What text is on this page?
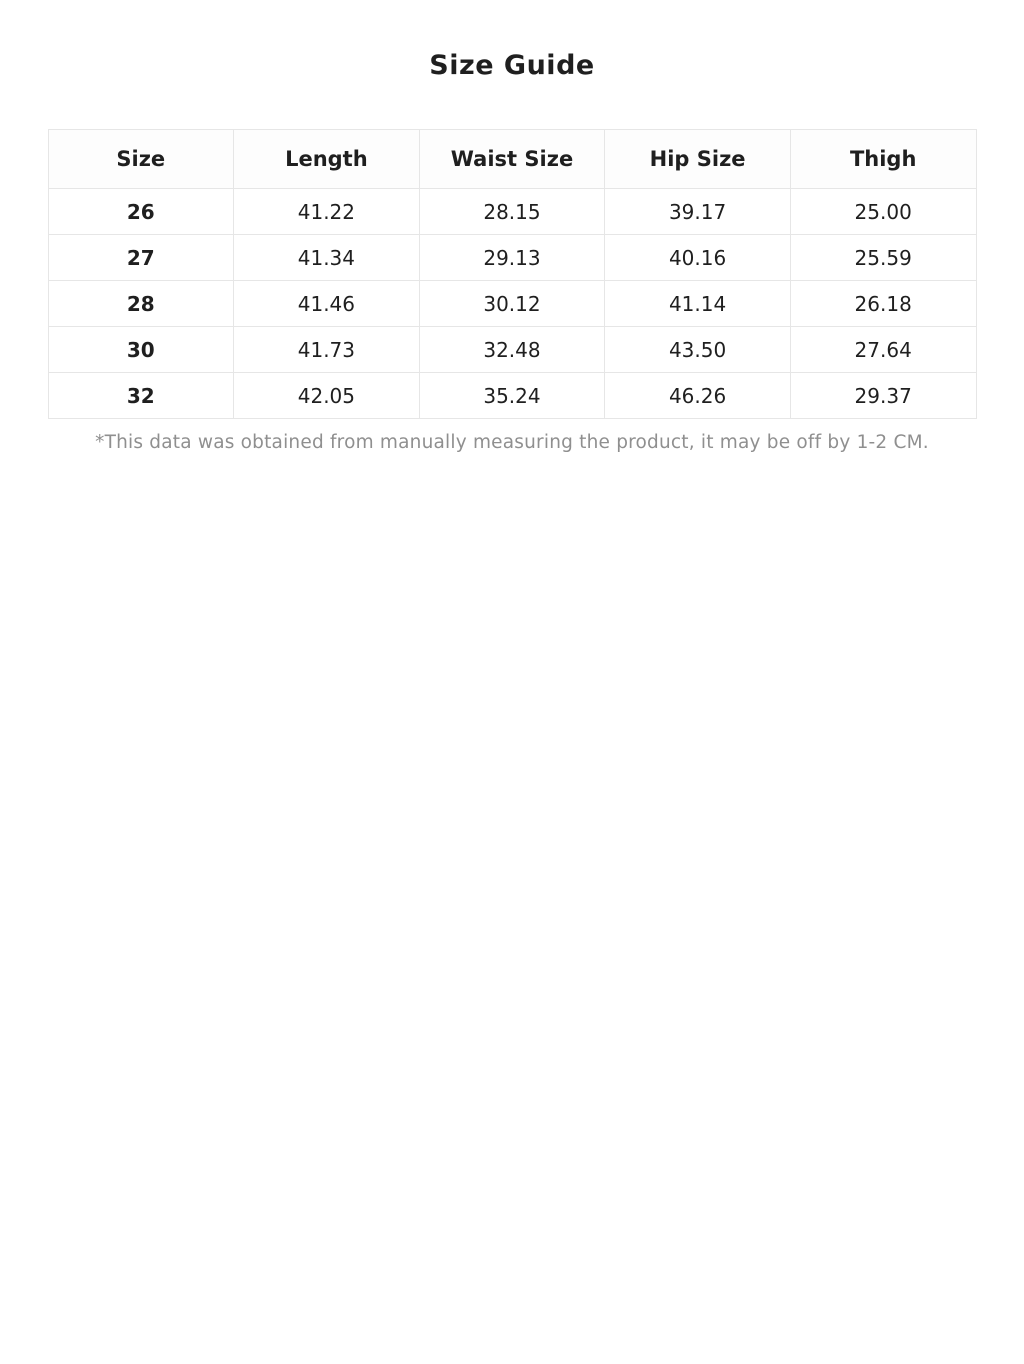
Size Guide
Size	Length	Waist Size	Hip Size	Thigh
26	41.22	28.15	39.17	25.00
27	41.34	29.13	40.16	25.59
28	41.46	30.12	41.14	26.18
30	41.73	32.48	43.50	27.64
32	42.05	35.24	46.26	29.37

*This data was obtained from manually measuring the product, it may be off by 1-2 CM.
